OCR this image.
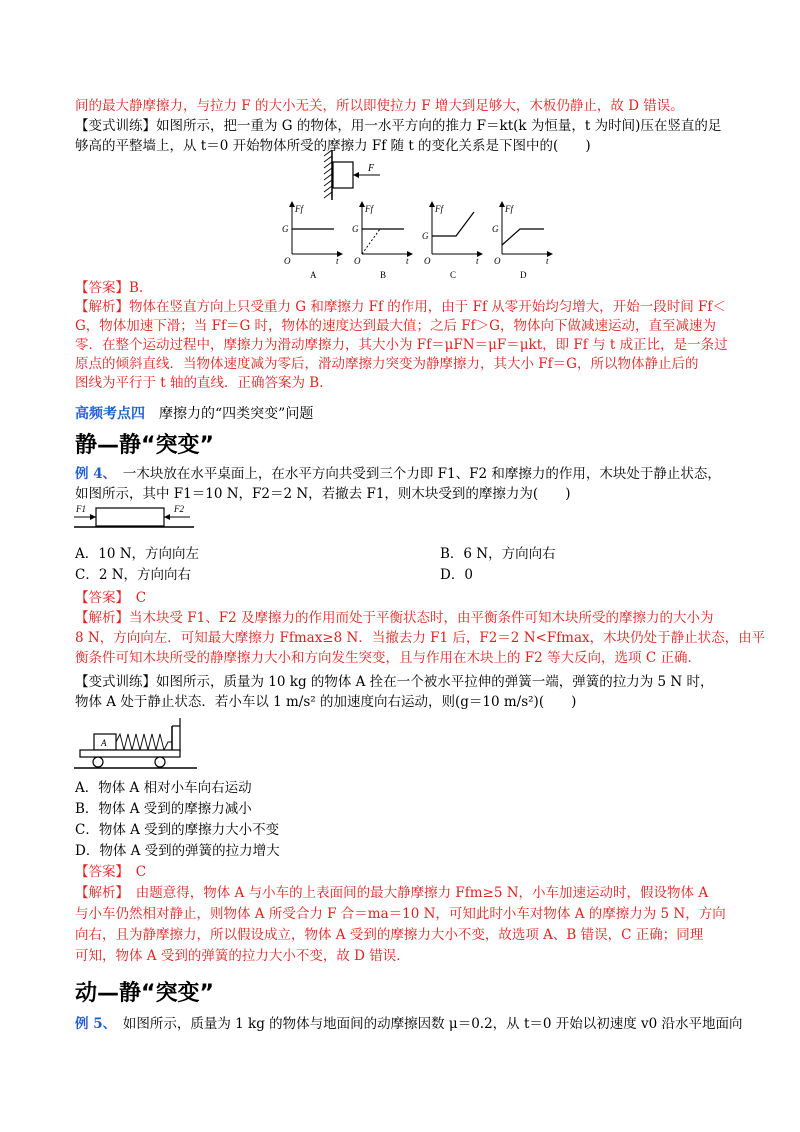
间的最大静摩擦力，与拉力 F 的大小无关，所以即使拉力 F 增大到足够大，木板仍静止，故 D 错误。
【变式训练】如图所示，把一重为 G 的物体，用一水平方向的推力 F＝kt(k 为恒量，t 为时间)压在竖直的足
够高的平整墙上，从 t＝0 开始物体所受的摩擦力 Ff 随 t 的变化关系是下图中的(　　)
F
Ff
G
O	t
A
Ff
G
O	t
B
Ff
G
O	t
C
Ff
G
O	t
D
【答案】B.
【解析】物体在竖直方向上只受重力 G 和摩擦力 Ff 的作用，由于 Ff 从零开始均匀增大，开始一段时间 Ff＜
G，物体加速下滑；当 Ff＝G 时，物体的速度达到最大值；之后 Ff＞G，物体向下做减速运动，直至减速为
零．在整个运动过程中，摩擦力为滑动摩擦力，其大小为 Ff＝μFN＝μF＝μkt，即 Ff 与 t 成正比，是一条过
原点的倾斜直线．当物体速度减为零后，滑动摩擦力突变为静摩擦力，其大小 Ff＝G，所以物体静止后的
图线为平行于 t 轴的直线．正确答案为 B.
高频考点四　摩擦力的“四类突变”问题
静—静“突变”
例 4、　一木块放在水平桌面上，在水平方向共受到三个力即 F1、F2 和摩擦力的作用，木块处于静止状态，
如图所示，其中 F1＝10 N，F2＝2 N，若撤去 F1，则木块受到的摩擦力为(　　)
F1	F2
A．10 N，方向向左	B．6 N，方向向右
C．2 N，方向向右	D．0
【答案】　C
【解析】当木块受 F1、F2 及摩擦力的作用而处于平衡状态时，由平衡条件可知木块所受的摩擦力的大小为
8 N，方向向左．可知最大摩擦力 Ffmax≥8 N．当撤去力 F1 后，F2＝2 N<Ffmax，木块仍处于静止状态，由平
衡条件可知木块所受的静摩擦力大小和方向发生突变，且与作用在木块上的 F2 等大反向，选项 C 正确．
【变式训练】如图所示，质量为 10 kg 的物体 A 拴在一个被水平拉伸的弹簧一端，弹簧的拉力为 5 N 时，
物体 A 处于静止状态．若小车以 1 m/s² 的加速度向右运动，则(g＝10 m/s²)(　　)
A
A．物体 A 相对小车向右运动
B．物体 A 受到的摩擦力减小
C．物体 A 受到的摩擦力大小不变
D．物体 A 受到的弹簧的拉力增大
【答案】　C
【解析】　由题意得，物体 A 与小车的上表面间的最大静摩擦力 Ffm≥5 N，小车加速运动时，假设物体 A
与小车仍然相对静止，则物体 A 所受合力 F 合＝ma＝10 N，可知此时小车对物体 A 的摩擦力为 5 N，方向
向右，且为静摩擦力，所以假设成立，物体 A 受到的摩擦力大小不变，故选项 A、B 错误，C 正确；同理
可知，物体 A 受到的弹簧的拉力大小不变，故 D 错误．
动—静“突变”
例 5、　如图所示，质量为 1 kg 的物体与地面间的动摩擦因数 μ＝0.2，从 t＝0 开始以初速度 v0 沿水平地面向
